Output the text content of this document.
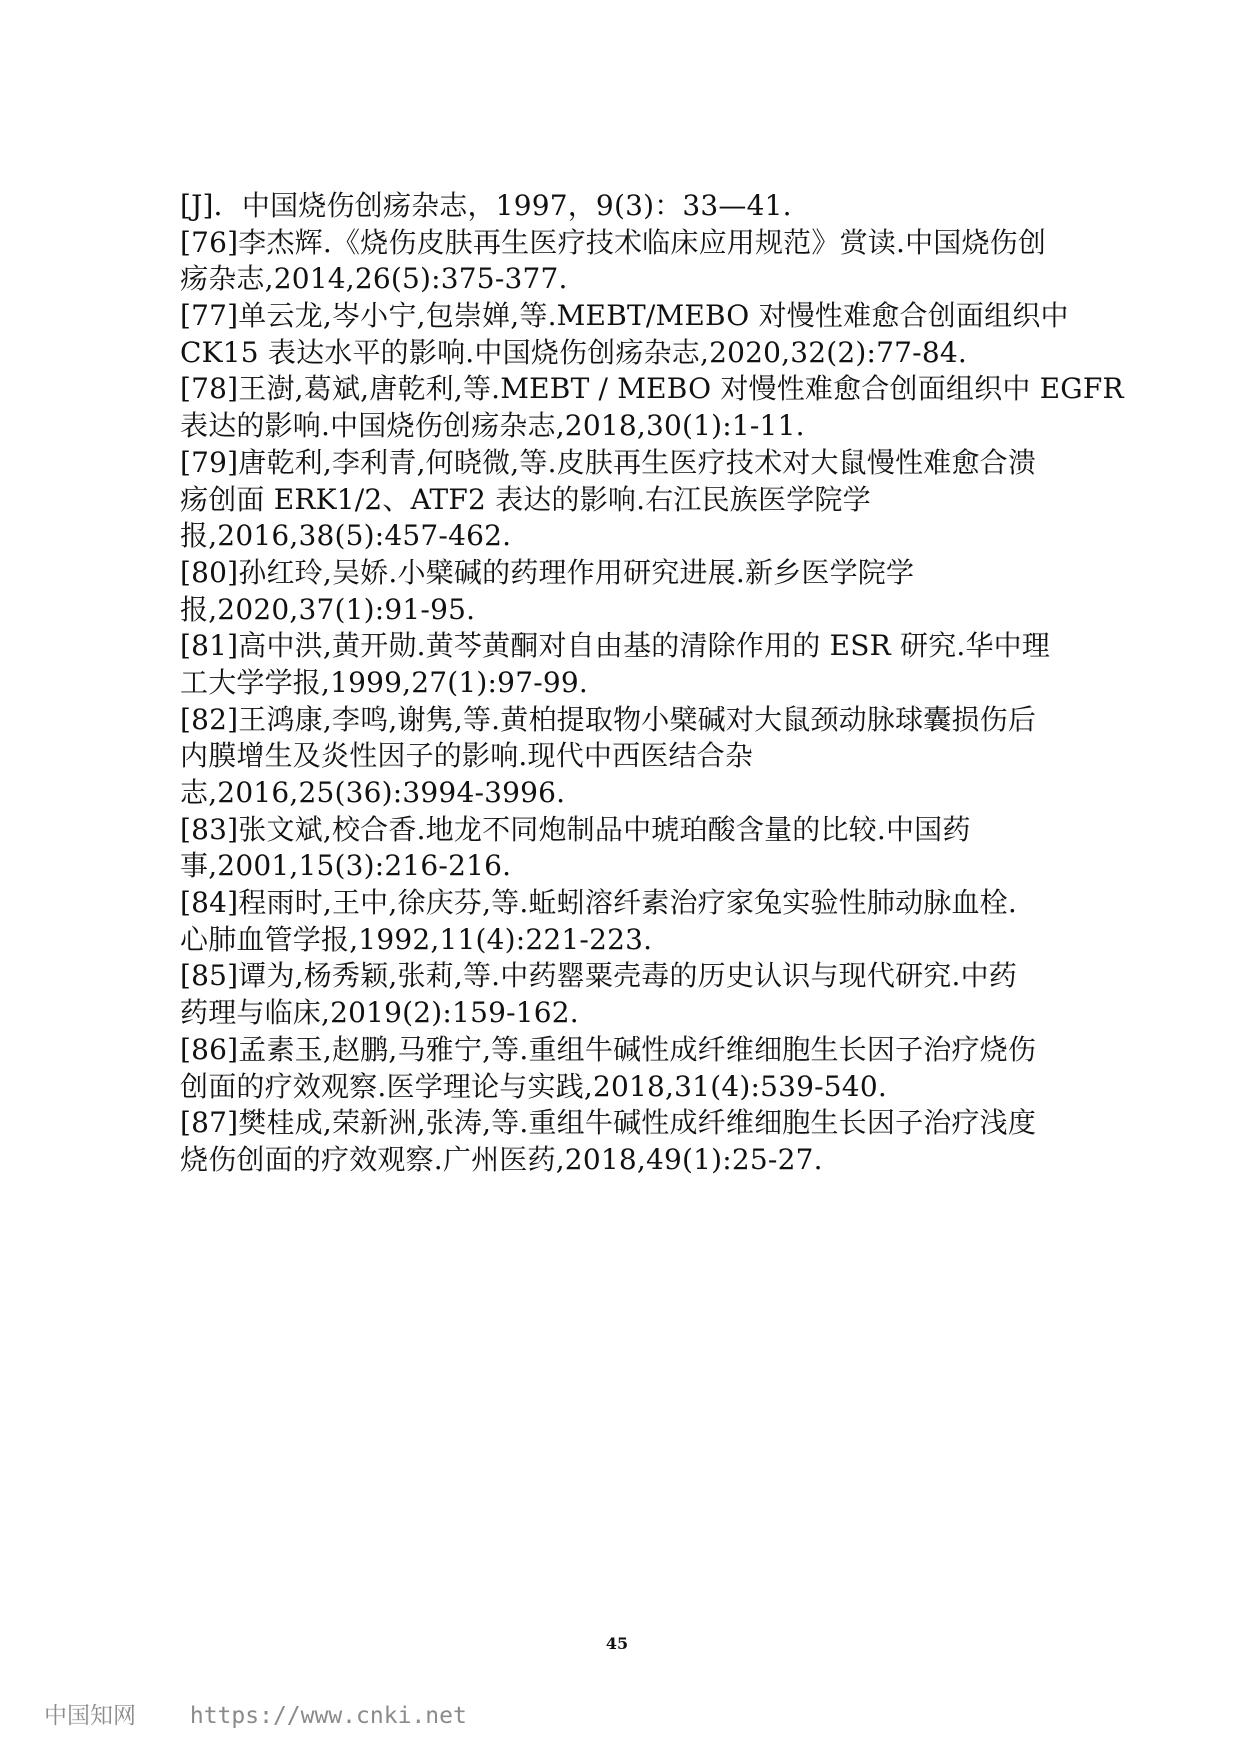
[J]．中国烧伤创疡杂志，1997，9(3)：33—41.
[76]李杰辉.《烧伤皮肤再生医疗技术临床应用规范》赏读.中国烧伤创
疡杂志,2014,26(5):375-377.
[77]单云龙,岑小宁,包崇婵,等.MEBT/MEBO 对慢性难愈合创面组织中
CK15 表达水平的影响.中国烧伤创疡杂志,2020,32(2):77-84.
[78]王澍,葛斌,唐乾利,等.MEBT / MEBO 对慢性难愈合创面组织中 EGFR
表达的影响.中国烧伤创疡杂志,2018,30(1):1-11.
[79]唐乾利,李利青,何晓微,等.皮肤再生医疗技术对大鼠慢性难愈合溃
疡创面 ERK1/2、ATF2 表达的影响.右江民族医学院学
报,2016,38(5):457-462.
[80]孙红玲,吴娇.小檗碱的药理作用研究进展.新乡医学院学
报,2020,37(1):91-95.
[81]高中洪,黄开勋.黄芩黄酮对自由基的清除作用的 ESR 研究.华中理
工大学学报,1999,27(1):97-99.
[82]王鸿康,李鸣,谢隽,等.黄柏提取物小檗碱对大鼠颈动脉球囊损伤后
内膜增生及炎性因子的影响.现代中西医结合杂
志,2016,25(36):3994-3996.
[83]张文斌,校合香.地龙不同炮制品中琥珀酸含量的比较.中国药
事,2001,15(3):216-216.
[84]程雨时,王中,徐庆芬,等.蚯蚓溶纤素治疗家兔实验性肺动脉血栓.
心肺血管学报,1992,11(4):221-223.
[85]谭为,杨秀颖,张莉,等.中药罂粟壳毒的历史认识与现代研究.中药
药理与临床,2019(2):159-162.
[86]孟素玉,赵鹏,马雅宁,等.重组牛碱性成纤维细胞生长因子治疗烧伤
创面的疗效观察.医学理论与实践,2018,31(4):539-540.
[87]樊桂成,荣新洲,张涛,等.重组牛碱性成纤维细胞生长因子治疗浅度
烧伤创面的疗效观察.广州医药,2018,49(1):25-27.
45
中国知网 https://www.cnki.net
